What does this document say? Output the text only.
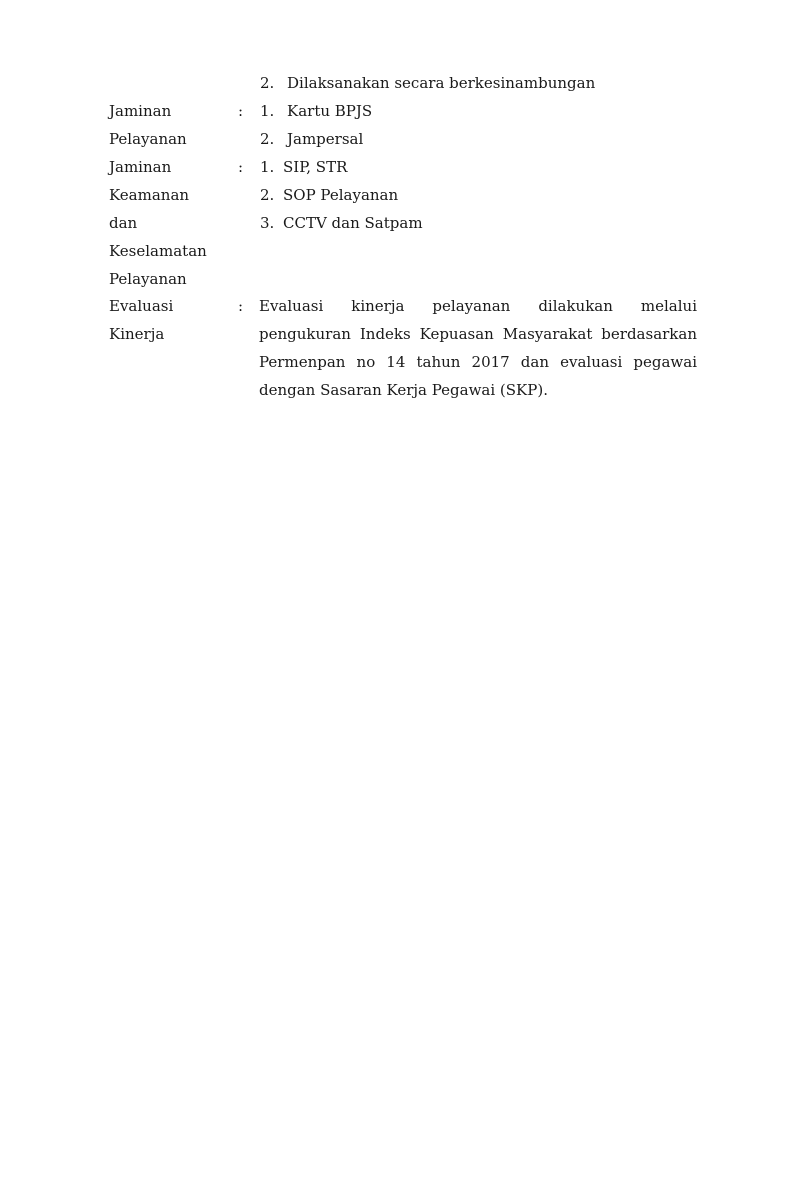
2. Dilaksanakan secara berkesinambungan
Jaminan
Pelayanan
: 1. Kartu BPJS
2. Jampersal
Jaminan
Keamanan
dan
Keselamatan
Pelayanan
: 1. SIP, STR
2. SOP Pelayanan
3. CCTV dan Satpam
Evaluasi
Kinerja
: Evaluasi kinerja pelayanan dilakukan melalui pengukuran Indeks Kepuasan Masyarakat berdasarkan Permenpan no 14 tahun 2017 dan evaluasi pegawai dengan Sasaran Kerja Pegawai (SKP).
